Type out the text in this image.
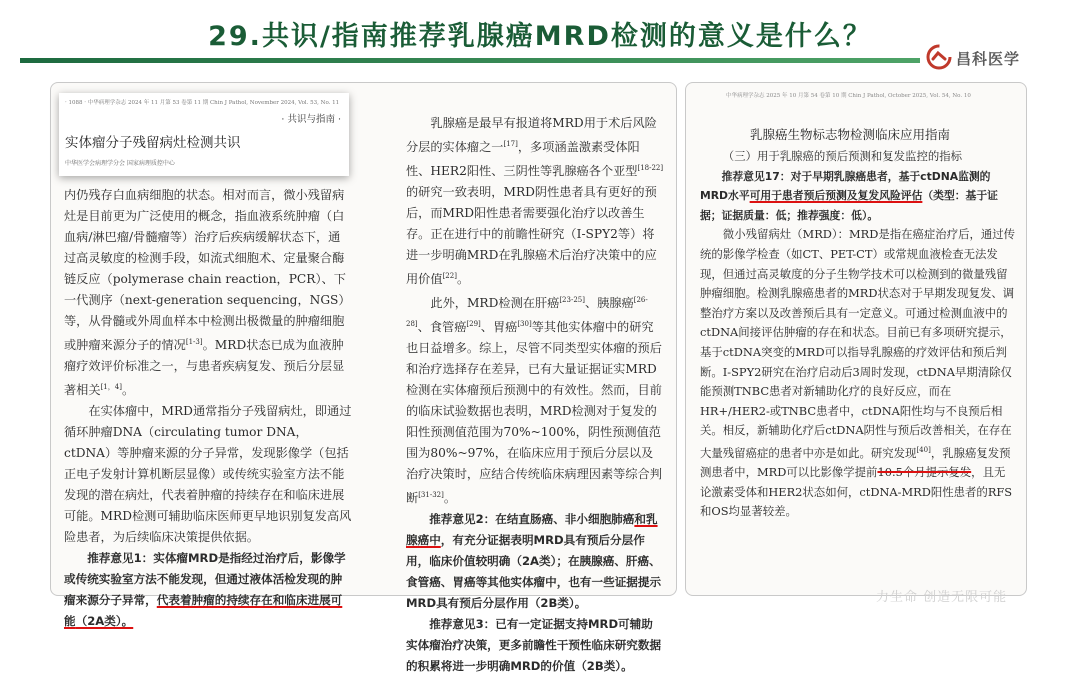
29.共识/指南推荐乳腺癌MRD检测的意义是什么？
昌科医学

内仍残存白血病细胞的状态。相对而言，微小残留病灶是目前更为广泛使用的概念，指血液系统肿瘤（白血病/淋巴瘤/骨髓瘤等）治疗后疾病缓解状态下，通过高灵敏度的检测手段，如流式细胞术、定量聚合酶链反应（polymerase chain reaction，PCR）、下一代测序（next-generation sequencing，NGS）等，从骨髓或外周血样本中检测出极微量的肿瘤细胞或肿瘤来源分子的情况[1-3]。MRD状态已成为血液肿瘤疗效评价标准之一，与患者疾病复发、预后分层显著相关[1，4]。

在实体瘤中，MRD通常指分子残留病灶，即通过循环肿瘤DNA（circulating tumor DNA，ctDNA）等肿瘤来源的分子异常，发现影像学（包括正电子发射计算机断层显像）或传统实验室方法不能发现的潜在病灶，代表着肿瘤的持续存在和临床进展可能。MRD检测可辅助临床医师更早地识别复发高风险患者，为后续临床决策提供依据。

推荐意见1：实体瘤MRD是指经过治疗后，影像学或传统实验室方法不能发现，但通过液体活检发现的肿瘤来源分子异常，代表着肿瘤的持续存在和临床进展可能（2A类）。

· 1088 · 中华病理学杂志 2024 年 11 月第 53 卷第 11 期 Chin J Pathol, November 2024, Vol. 53, No. 11
· 共识与指南 ·
实体瘤分子残留病灶检测共识
中华医学会病理学分会 国家病理质控中心

乳腺癌是最早有报道将MRD用于术后风险分层的实体瘤之一[17]，多项涵盖激素受体阳性、HER2阳性、三阴性等乳腺癌各个亚型[18-22]的研究一致表明，MRD阴性患者具有更好的预后，而MRD阳性患者需要强化治疗以改善生存。正在进行中的前瞻性研究（I-SPY2等）将进一步明确MRD在乳腺癌术后治疗决策中的应用价值[22]。

此外，MRD检测在肝癌[23-25]、胰腺癌[26-28]、食管癌[29]、胃癌[30]等其他实体瘤中的研究也日益增多。综上，尽管不同类型实体瘤的预后和治疗选择存在差异，已有大量证据证实MRD检测在实体瘤预后预测中的有效性。然而，目前的临床试验数据也表明，MRD检测对于复发的阳性预测值范围为70%~100%，阴性预测值范围为80%~97%，在临床应用于预后分层以及治疗决策时，应结合传统临床病理因素等综合判断[31-32]。

推荐意见2：在结直肠癌、非小细胞肺癌和乳腺癌中，有充分证据表明MRD具有预后分层作用，临床价值较明确（2A类）；在胰腺癌、肝癌、食管癌、胃癌等其他实体瘤中，也有一些证据提示MRD具有预后分层作用（2B类）。

推荐意见3：已有一定证据支持MRD可辅助实体瘤治疗决策，更多前瞻性干预性临床研究数据的积累将进一步明确MRD的价值（2B类）。

中华病理学杂志 2025 年 10 月第 54 卷第 10 期 Chin J Pathol, October 2025, Vol. 54, No. 10
乳腺癌生物标志物检测临床应用指南

（三）用于乳腺癌的预后预测和复发监控的指标

推荐意见17：对于早期乳腺癌患者，基于ctDNA监测的MRD水平可用于患者预后预测及复发风险评估（类型：基于证据；证据质量：低；推荐强度：低）。

微小残留病灶（MRD）：MRD是指在癌症治疗后，通过传统的影像学检查（如CT、PET-CT）或常规血液检查无法发现，但通过高灵敏度的分子生物学技术可以检测到的微量残留肿瘤细胞。检测乳腺癌患者的MRD状态对于早期发现复发、调整治疗方案以及改善预后具有一定意义。可通过检测血液中的ctDNA间接评估肿瘤的存在和状态。目前已有多项研究提示，基于ctDNA突变的MRD可以指导乳腺癌的疗效评估和预后判断。I-SPY2研究在治疗启动后3周时发现，ctDNA早期清除仅能预测TNBC患者对新辅助化疗的良好反应，而在HR+/HER2-或TNBC患者中，ctDNA阳性均与不良预后相关。相反，新辅助化疗后ctDNA阴性与预后改善相关，在存在大量残留癌症的患者中亦是如此。研究发现[40]，乳腺癌复发预测患者中，MRD可以比影像学提前10.5个月提示复发，且无论激素受体和HER2状态如何，ctDNA-MRD阳性患者的RFS和OS均显著较差。

力生命 创造无限可能
